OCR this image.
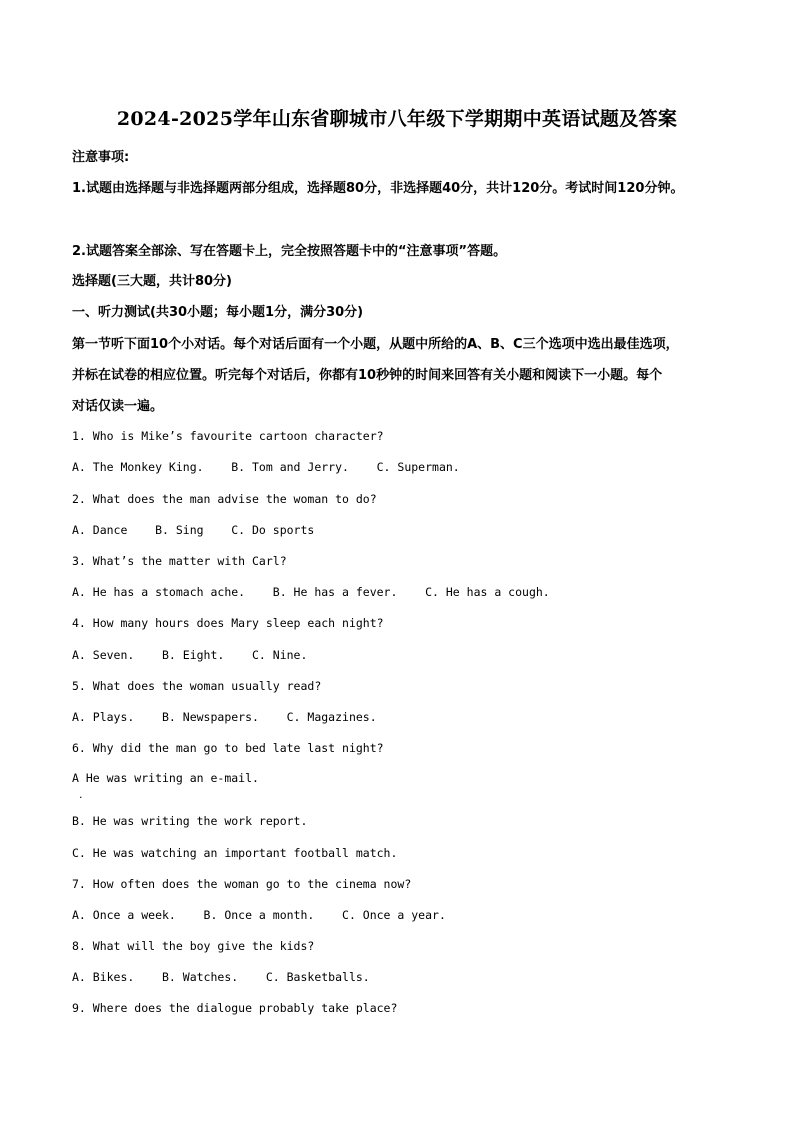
2024-2025学年山东省聊城市八年级下学期期中英语试题及答案
注意事项:
1.试题由选择题与非选择题两部分组成，选择题80分，非选择题40分，共计120分。考试时间120分钟。
2.试题答案全部涂、写在答题卡上，完全按照答题卡中的“注意事项”答题。
选择题(三大题，共计80分)
一、听力测试(共30小题；每小题1分，满分30分)
第一节听下面10个小对话。每个对话后面有一个小题，从题中所给的A、B、C三个选项中选出最佳选项，
并标在试卷的相应位置。听完每个对话后，你都有10秒钟的时间来回答有关小题和阅读下一小题。每个
对话仅读一遍。
1. Who is Mike’s favourite cartoon character?
A. The Monkey King.    B. Tom and Jerry.    C. Superman.
2. What does the man advise the woman to do?
A. Dance    B. Sing    C. Do sports
3. What’s the matter with Carl?
A. He has a stomach ache.    B. He has a fever.    C. He has a cough.
4. How many hours does Mary sleep each night?
A. Seven.    B. Eight.    C. Nine.
5. What does the woman usually read?
A. Plays.    B. Newspapers.    C. Magazines.
6. Why did the man go to bed late last night?
A He was writing an e-mail.
.
B. He was writing the work report.
C. He was watching an important football match.
7. How often does the woman go to the cinema now?
A. Once a week.    B. Once a month.    C. Once a year.
8. What will the boy give the kids?
A. Bikes.    B. Watches.    C. Basketballs.
9. Where does the dialogue probably take place?
